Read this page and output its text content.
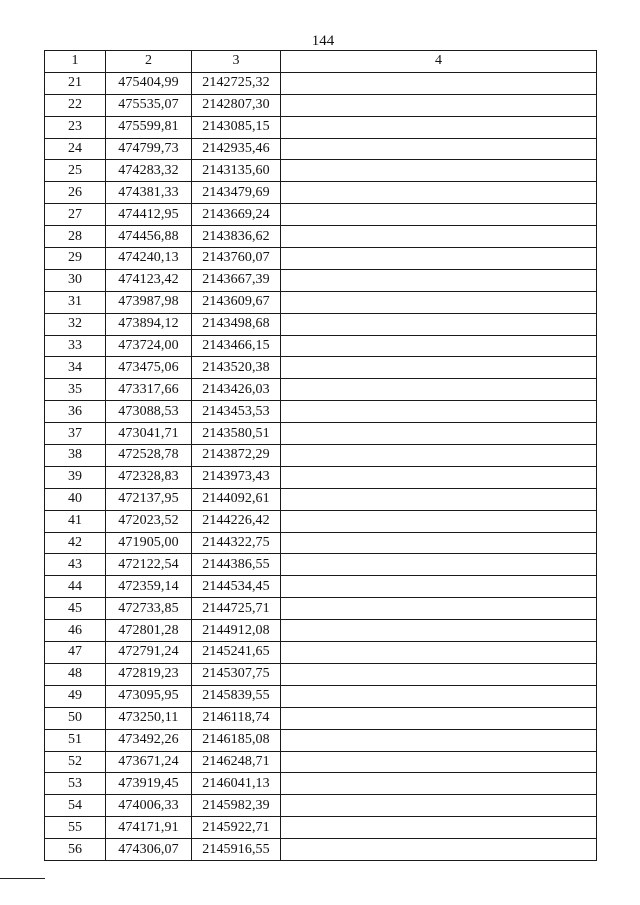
144
1	2	3	4
21	475404,99	2142725,32	
22	475535,07	2142807,30	
23	475599,81	2143085,15	
24	474799,73	2142935,46	
25	474283,32	2143135,60	
26	474381,33	2143479,69	
27	474412,95	2143669,24	
28	474456,88	2143836,62	
29	474240,13	2143760,07	
30	474123,42	2143667,39	
31	473987,98	2143609,67	
32	473894,12	2143498,68	
33	473724,00	2143466,15	
34	473475,06	2143520,38	
35	473317,66	2143426,03	
36	473088,53	2143453,53	
37	473041,71	2143580,51	
38	472528,78	2143872,29	
39	472328,83	2143973,43	
40	472137,95	2144092,61	
41	472023,52	2144226,42	
42	471905,00	2144322,75	
43	472122,54	2144386,55	
44	472359,14	2144534,45	
45	472733,85	2144725,71	
46	472801,28	2144912,08	
47	472791,24	2145241,65	
48	472819,23	2145307,75	
49	473095,95	2145839,55	
50	473250,11	2146118,74	
51	473492,26	2146185,08	
52	473671,24	2146248,71	
53	473919,45	2146041,13	
54	474006,33	2145982,39	
55	474171,91	2145922,71	
56	474306,07	2145916,55	
